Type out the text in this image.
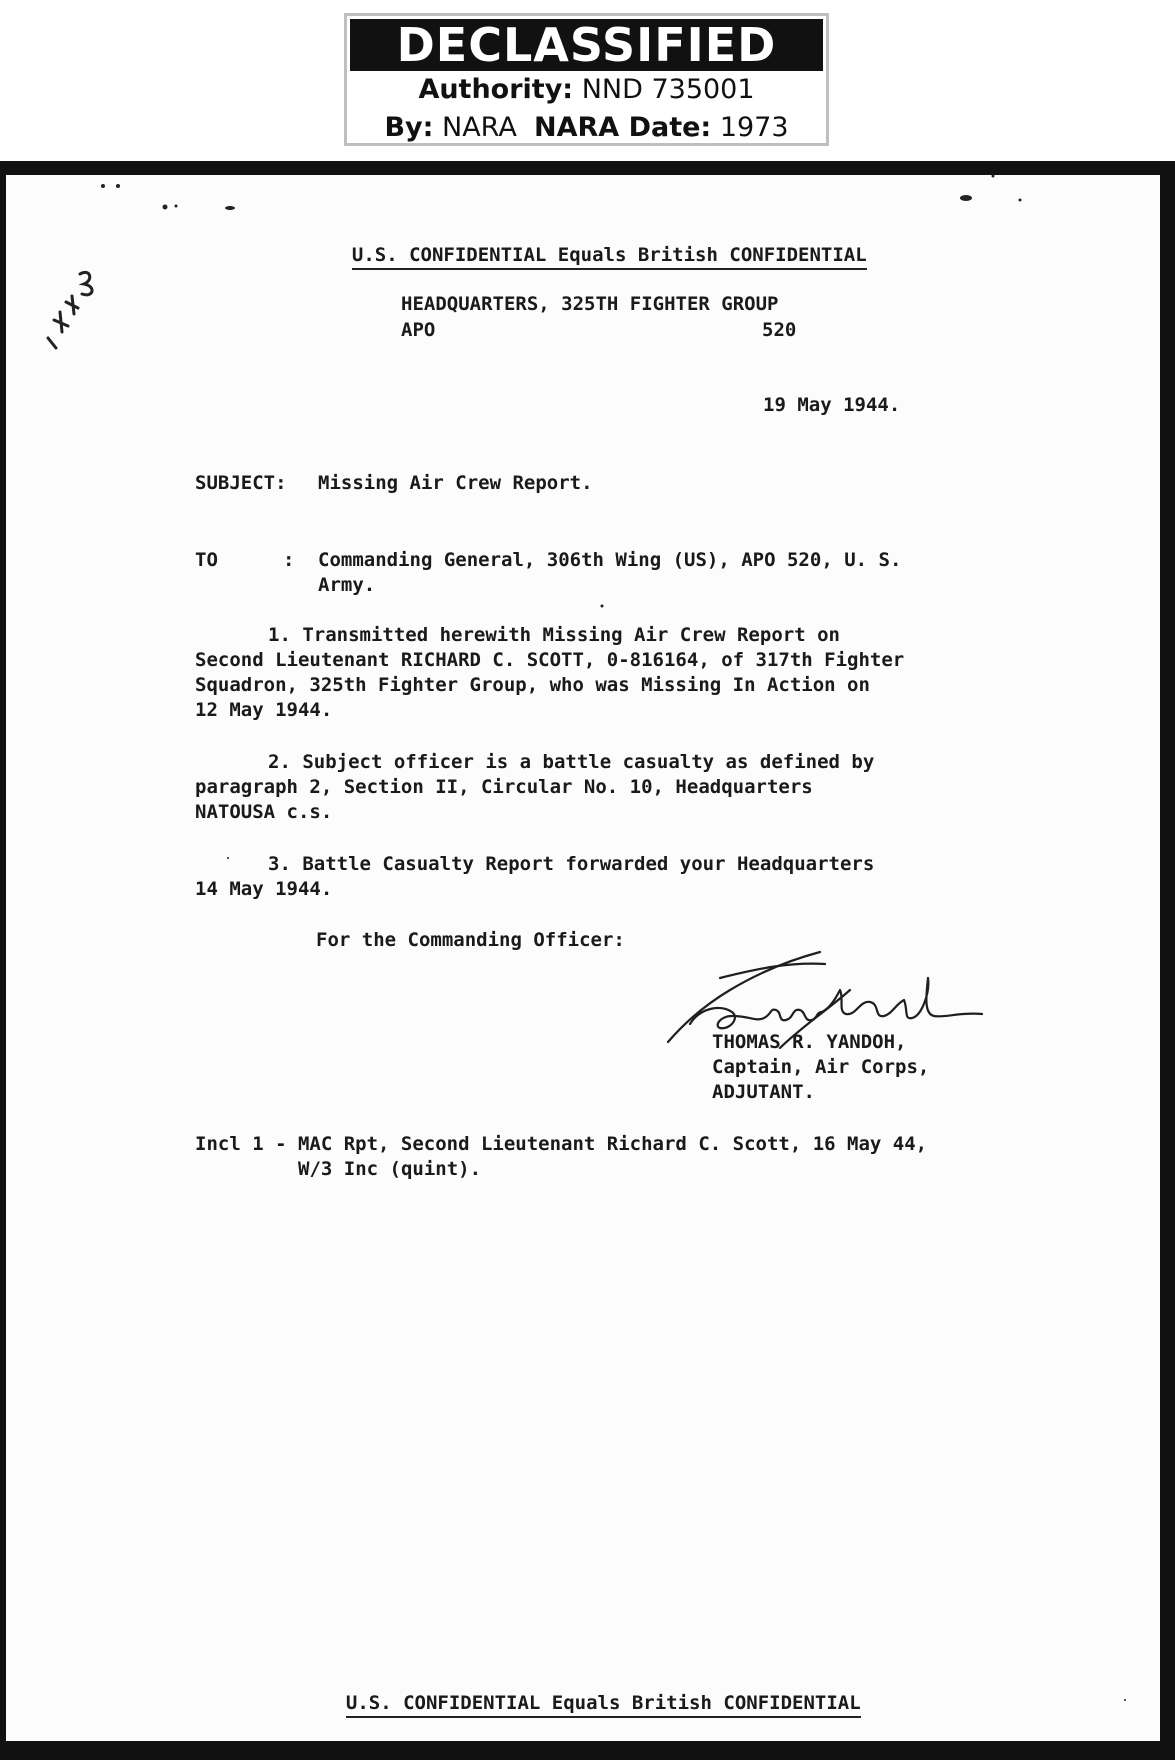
DECLASSIFIED
Authority: NND 735001
By: NARA NARA Date: 1973
1418

U.S. CONFIDENTIAL Equals British CONFIDENTIAL

HEADQUARTERS, 325TH FIGHTER GROUP
APO	520
19 May 1944.
SUBJECT: Missing Air Crew Report.
TO	: Commanding General, 306th Wing (US), APO 520, U. S.
Army.
1. Transmitted herewith Missing Air Crew Report on
Second Lieutenant RICHARD C. SCOTT, 0-816164, of 317th Fighter
Squadron, 325th Fighter Group, who was Missing In Action on
12 May 1944.
2. Subject officer is a battle casualty as defined by
paragraph 2, Section II, Circular No. 10, Headquarters
NATOUSA c.s.
3. Battle Casualty Report forwarded your Headquarters
14 May 1944.
For the Commanding Officer:
THOMAS R. YANDOH,
Captain, Air Corps,
ADJUTANT.
Incl 1 - MAC Rpt, Second Lieutenant Richard C. Scott, 16 May 44,
W/3 Inc (quint).

U.S. CONFIDENTIAL Equals British CONFIDENTIAL
